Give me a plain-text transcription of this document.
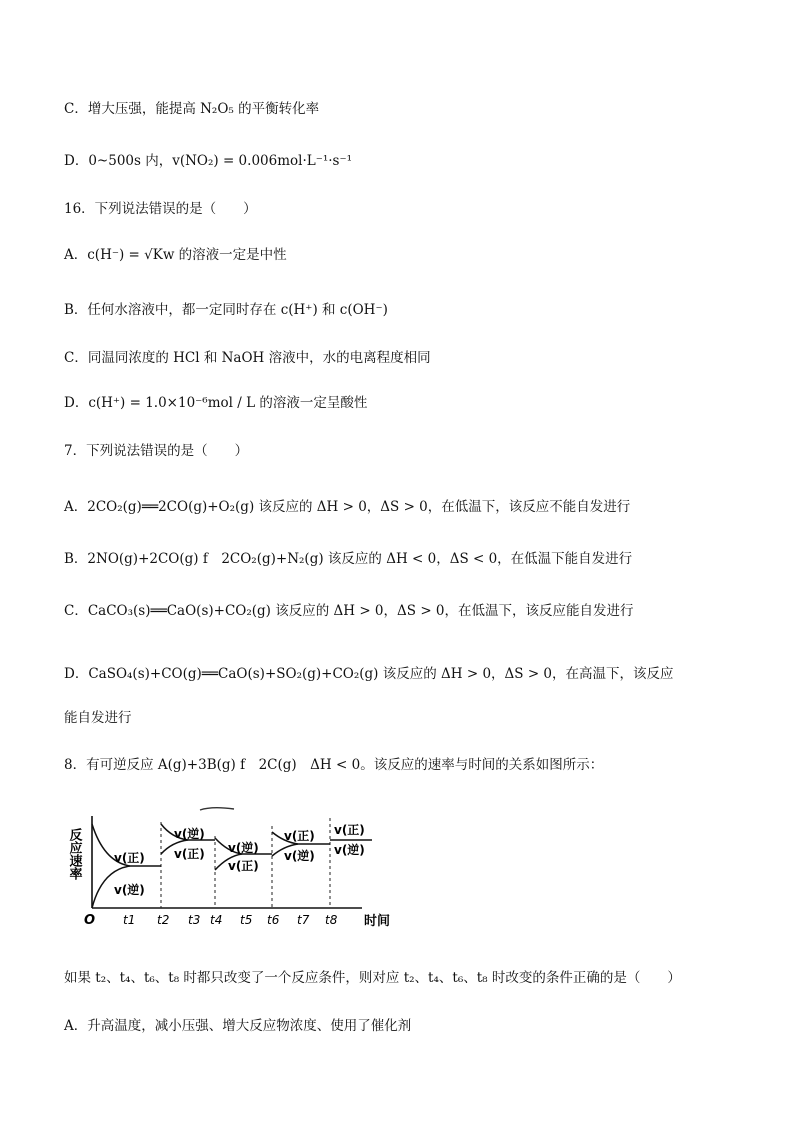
C．增大压强，能提高 N₂O₅ 的平衡转化率
D．0~500s 内，v(NO₂) = 0.006mol·L⁻¹·s⁻¹
16．下列说法错误的是（　　）
A．c(H⁻) = √Kw 的溶液一定是中性
B．任何水溶液中，都一定同时存在 c(H⁺) 和 c(OH⁻)
C．同温同浓度的 HCl 和 NaOH 溶液中，水的电离程度相同
D．c(H⁺) = 1.0×10⁻⁶mol / L 的溶液一定呈酸性
7．下列说法错误的是（　　）
A．2CO₂(g)══2CO(g)+O₂(g) 该反应的 ΔH > 0，ΔS > 0，在低温下，该反应不能自发进行
B．2NO(g)+2CO(g) f　2CO₂(g)+N₂(g) 该反应的 ΔH < 0，ΔS < 0，在低温下能自发进行
C．CaCO₃(s)══CaO(s)+CO₂(g) 该反应的 ΔH > 0，ΔS > 0，在低温下，该反应能自发进行
D．CaSO₄(s)+CO(g)══CaO(s)+SO₂(g)+CO₂(g) 该反应的 ΔH > 0，ΔS > 0，在高温下，该反应
能自发进行
8．有可逆反应 A(g)+3B(g) f　2C(g)　ΔH < 0。该反应的速率与时间的关系如图所示：
反应速率
O	时间
t1 t2 t3 t4 t5 t6 t7 t8
v(正)
v(逆)
v(逆)
v(正) v(逆)
v(正)
v(正)
v(逆)
v(正)
v(逆)
如果 t₂、t₄、t₆、t₈ 时都只改变了一个反应条件，则对应 t₂、t₄、t₆、t₈ 时改变的条件正确的是（　　）
A．升高温度，减小压强、增大反应物浓度、使用了催化剂
